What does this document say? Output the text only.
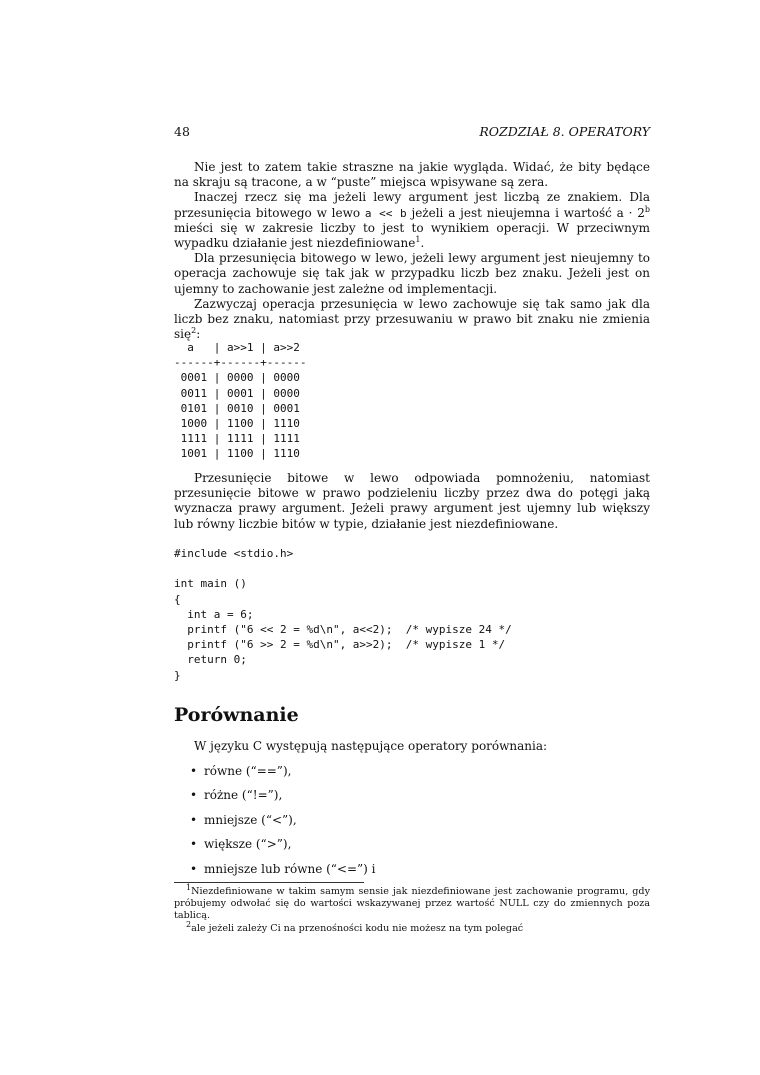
48	ROZDZIAŁ 8. OPERATORY

Nie jest to zatem takie straszne na jakie wygląda. Widać, że bity będące na skraju są tracone, a w “puste” miejsca wpisywane są zera.

Inaczej rzecz się ma jeżeli lewy argument jest liczbą ze znakiem. Dla przesunięcia bitowego w lewo a << b jeżeli a jest nieujemna i wartość $a \cdot 2^b$ mieści się w zakresie liczby to jest to wynikiem operacji. W przeciwnym wypadku działanie jest niezdefiniowane$^1$.

Dla przesunięcia bitowego w lewo, jeżeli lewy argument jest nieujemny to operacja zachowuje się tak jak w przypadku liczb bez znaku. Jeżeli jest on ujemny to zachowanie jest zależne od implementacji.

Zazwyczaj operacja przesunięcia w lewo zachowuje się tak samo jak dla liczb bez znaku, natomiast przy przesuwaniu w prawo bit znaku nie zmienia się$^2$:

a   | a>>1 | a>>2
------+------+------
0001 | 0000 | 0000
0011 | 0001 | 0000
0101 | 0010 | 0001
1000 | 1100 | 1110
1111 | 1111 | 1111
1001 | 1100 | 1110

Przesunięcie bitowe w lewo odpowiada pomnożeniu, natomiast przesunięcie bitowe w prawo podzieleniu liczby przez dwa do potęgi jaką wyznacza prawy argument. Jeżeli prawy argument jest ujemny lub większy lub równy liczbie bitów w typie, działanie jest niezdefiniowane.

#include <stdio.h>

int main ()
{
int a = 6;
printf ("6 << 2 = %d\n", a<<2);  /* wypisze 24 */
printf ("6 >> 2 = %d\n", a>>2);  /* wypisze 1 */
return 0;
}
Porównanie
W języku C występują następujące operatory porównania:
• równe (“==”),
• różne (“!=”),
• mniejsze (“<”),
• większe (“>”),
• mniejsze lub równe (“<=”) i

$^1$Niezdefiniowane w takim samym sensie jak niezdefiniowane jest zachowanie programu, gdy próbujemy odwołać się do wartości wskazywanej przez wartość NULL czy do zmiennych poza tablicą.

$^2$ale jeżeli zależy Ci na przenośności kodu nie możesz na tym polegać
